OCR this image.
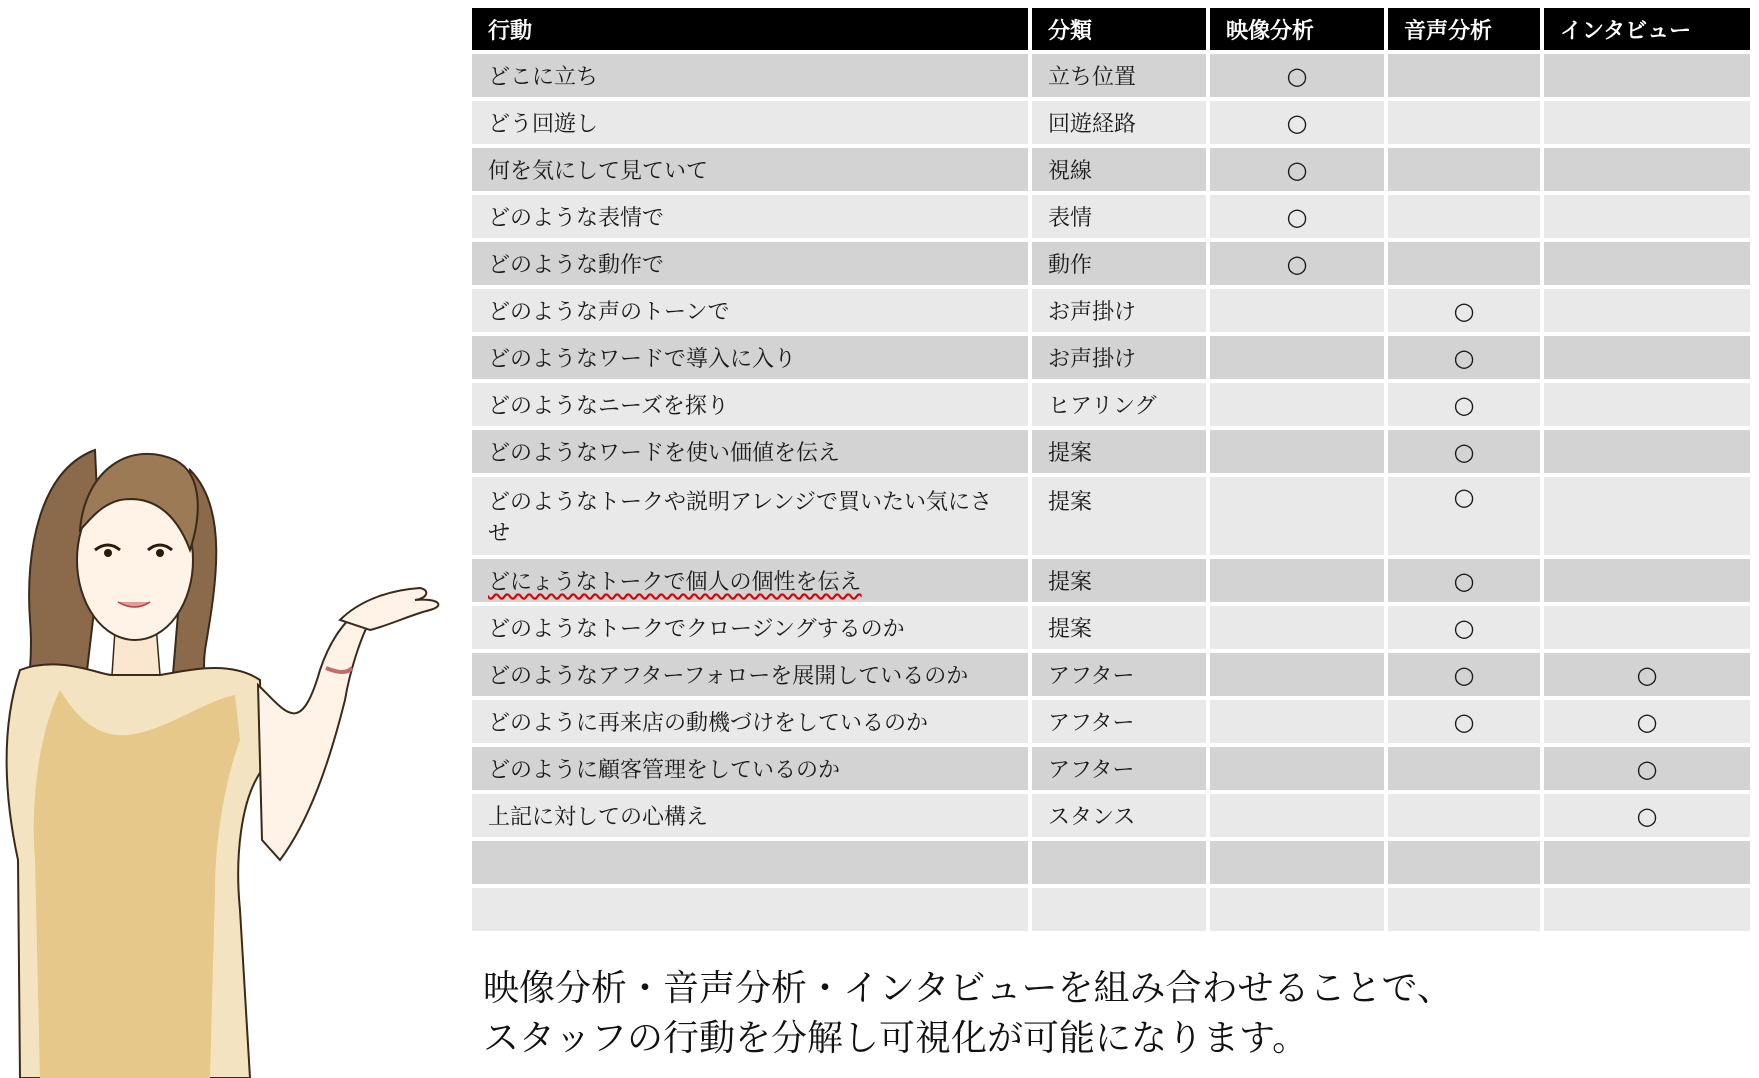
行動	分類	映像分析	音声分析	インタビュー
どこに立ち	立ち位置	○		
どう回遊し	回遊経路	○		
何を気にして見ていて	視線	○		
どのような表情で	表情	○		
どのような動作で	動作	○		
どのような声のトーンで	お声掛け		○	
どのようなワードで導入に入り	お声掛け		○	
どのようなニーズを探り	ヒアリング		○	
どのようなワードを使い価値を伝え	提案		○	
どのようなトークや説明アレンジで買いたい気にさせ	提案		○	
どにょうなトークで個人の個性を伝え	提案		○	
どのようなトークでクロージングするのか	提案		○	
どのようなアフターフォローを展開しているのか	アフター		○	○
どのように再来店の動機づけをしているのか	アフター		○	○
どのように顧客管理をしているのか	アフター			○
上記に対しての心構え	スタンス			○

映像分析・音声分析・インタビューを組み合わせることで、
スタッフの行動を分解し可視化が可能になります。
